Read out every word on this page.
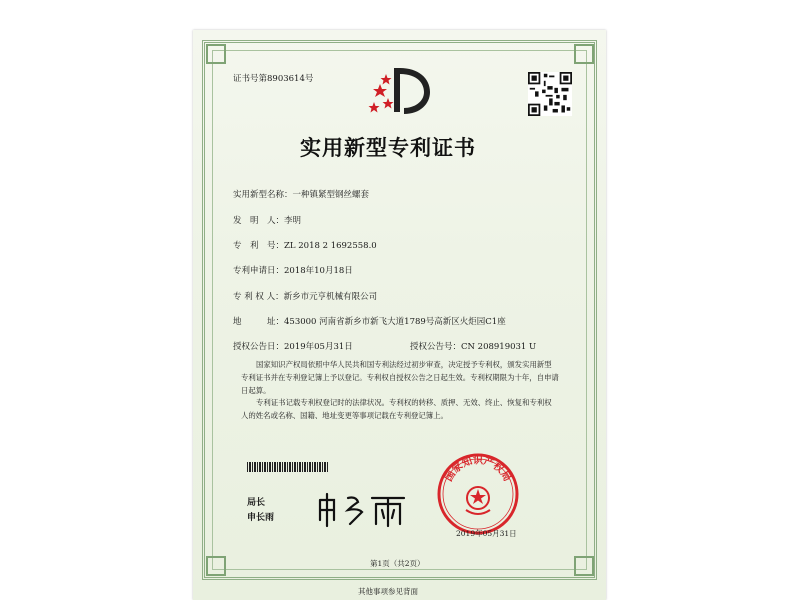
证书号第8903614号
实用新型专利证书
实用新型名称：一种镇紧型钢丝螺套
发　明　人：李明
专　利　号：ZL 2018 2 1692558.0
专利申请日：2018年10月18日
专 利 权 人：新乡市元亨机械有限公司
地　　　址：453000 河南省新乡市新飞大道1789号高新区火炬园C1座
授权公告日：2019年05月31日	授权公告号：CN 208919031 U
国家知识产权局依照中华人民共和国专利法经过初步审查，决定授予专利权，颁发实用新型专利证书并在专利登记簿上予以登记。专利权自授权公告之日起生效。专利权期限为十年，自申请日起算。
专利证书记载专利权登记时的法律状况。专利权的转移、质押、无效、终止、恢复和专利权人的姓名或名称、国籍、地址变更等事项记载在专利登记簿上。
局长
申长雨
国家知识产权局
2019年05月31日
第1页（共2页）
其他事项参见背面
